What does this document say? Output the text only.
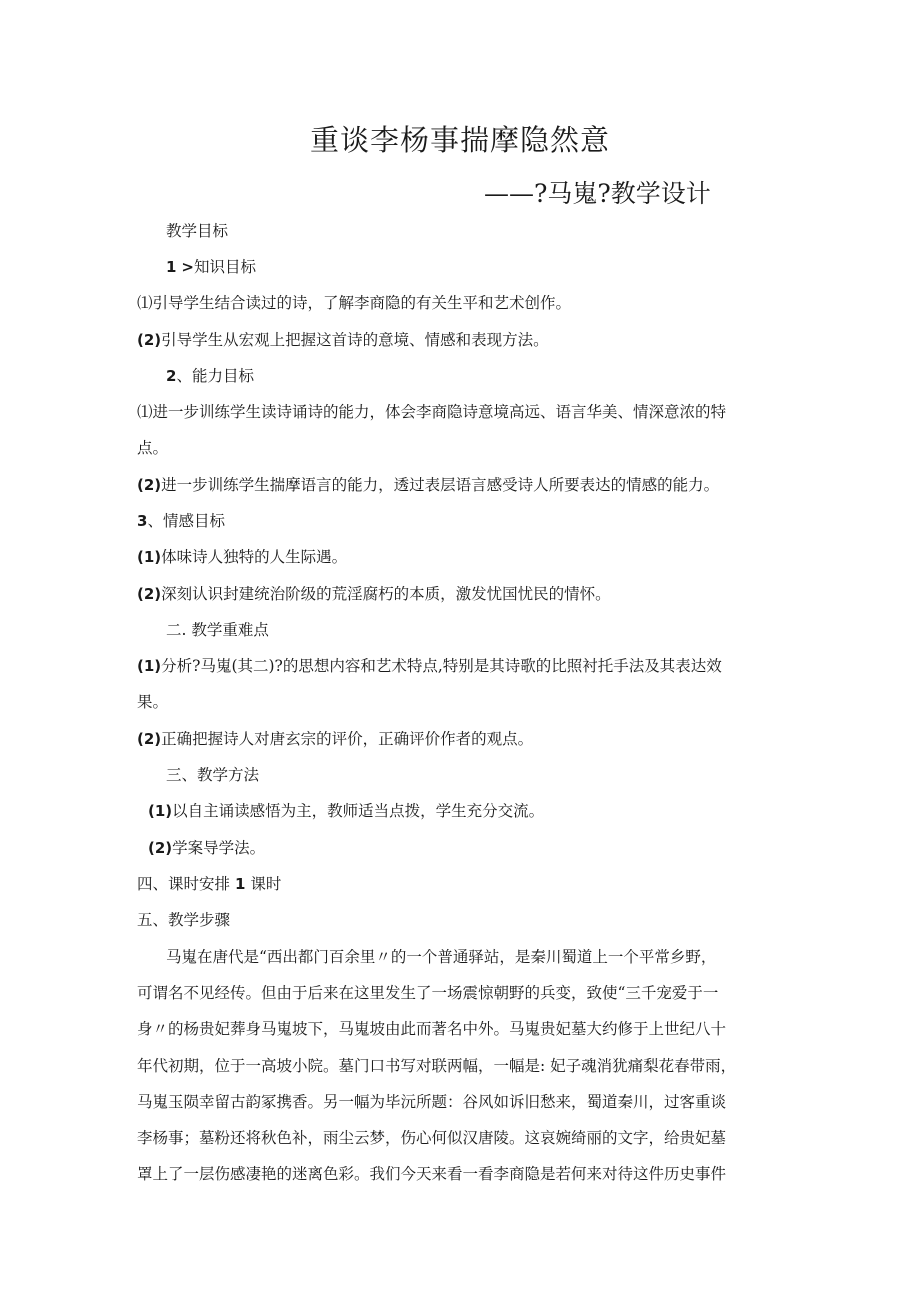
重谈李杨事揣摩隐然意
——?马嵬?教学设计
教学目标
1 >知识目标
⑴引导学生结合读过的诗，了解李商隐的有关生平和艺术创作。
(2)引导学生从宏观上把握这首诗的意境、情感和表现方法。
2、能力目标
⑴进一步训练学生读诗诵诗的能力，体会李商隐诗意境高远、语言华美、情深意浓的特
点。
(2)进一步训练学生揣摩语言的能力，透过表层语言感受诗人所要表达的情感的能力。
3、情感目标
(1)体味诗人独特的人生际遇。
(2)深刻认识封建统治阶级的荒淫腐朽的本质，激发忧国忧民的情怀。
二. 教学重难点
(1)分析?马嵬(其二)?的思想内容和艺术特点,特别是其诗歌的比照衬托手法及其表达效
果。
(2)正确把握诗人对唐玄宗的评价，正确评价作者的观点。
三、教学方法
(1)以自主诵读感悟为主，教师适当点拨，学生充分交流。
(2)学案导学法。
四、课时安排 1 课时
五、教学步骤
马嵬在唐代是“西出都门百余里〃的一个普通驿站，是秦川蜀道上一个平常乡野，
可谓名不见经传。但由于后来在这里发生了一场震惊朝野的兵变，致使“三千宠爱于一
身〃的杨贵妃葬身马嵬坡下，马嵬坡由此而著名中外。马嵬贵妃墓大约修于上世纪八十
年代初期，位于一高坡小院。墓门口书写对联两幅，一幅是: 妃子魂消犹痛梨花春带雨，
马嵬玉陨幸留古韵冢携香。另一幅为毕沅所题：谷风如诉旧愁来，蜀道秦川，过客重谈
李杨事；墓粉还将秋色补，雨尘云梦，伤心何似汉唐陵。这哀婉绮丽的文字，给贵妃墓
罩上了一层伤感凄艳的迷离色彩。我们今天来看一看李商隐是若何来对待这件历史事件
